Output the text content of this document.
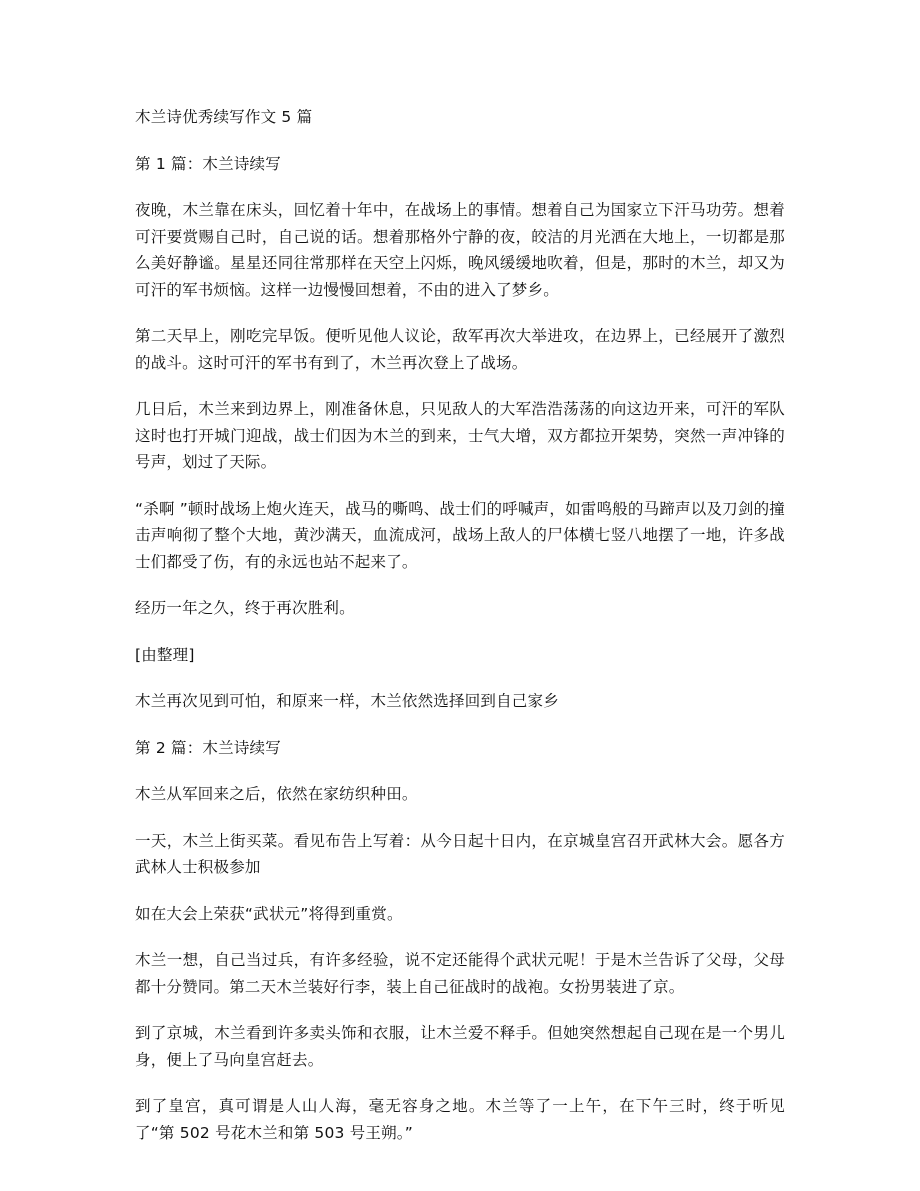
木兰诗优秀续写作文 5 篇

第 1 篇：木兰诗续写

夜晚，木兰靠在床头，回忆着十年中，在战场上的事情。想着自己为国家立下汗马功劳。想着可汗要赏赐自己时，自己说的话。想着那格外宁静的夜，皎洁的月光洒在大地上，一切都是那么美好静谧。星星还同往常那样在天空上闪烁，晚风缓缓地吹着，但是，那时的木兰，却又为可汗的军书烦恼。这样一边慢慢回想着，不由的进入了梦乡。

第二天早上，刚吃完早饭。便听见他人议论，敌军再次大举进攻，在边界上，已经展开了激烈的战斗。这时可汗的军书有到了，木兰再次登上了战场。

几日后，木兰来到边界上，刚准备休息，只见敌人的大军浩浩荡荡的向这边开来，可汗的军队这时也打开城门迎战，战士们因为木兰的到来，士气大增，双方都拉开架势，突然一声冲锋的号声，划过了天际。

“杀啊 ”顿时战场上炮火连天，战马的嘶鸣、战士们的呼喊声，如雷鸣般的马蹄声以及刀剑的撞击声响彻了整个大地，黄沙满天，血流成河，战场上敌人的尸体横七竖八地摆了一地，许多战士们都受了伤，有的永远也站不起来了。

经历一年之久，终于再次胜利。

[由整理]

木兰再次见到可怕，和原来一样，木兰依然选择回到自己家乡

第 2 篇：木兰诗续写

木兰从军回来之后，依然在家纺织种田。

一天，木兰上街买菜。看见布告上写着：从今日起十日内，在京城皇宫召开武林大会。愿各方武林人士积极参加

如在大会上荣获“武状元”将得到重赏。

木兰一想，自己当过兵，有许多经验，说不定还能得个武状元呢！于是木兰告诉了父母，父母都十分赞同。第二天木兰装好行李，装上自己征战时的战袍。女扮男装进了京。

到了京城，木兰看到许多卖头饰和衣服，让木兰爱不释手。但她突然想起自己现在是一个男儿身，便上了马向皇宫赶去。

到了皇宫，真可谓是人山人海，毫无容身之地。木兰等了一上午，在下午三时，终于听见了“第 502 号花木兰和第 503 号王朔。”
